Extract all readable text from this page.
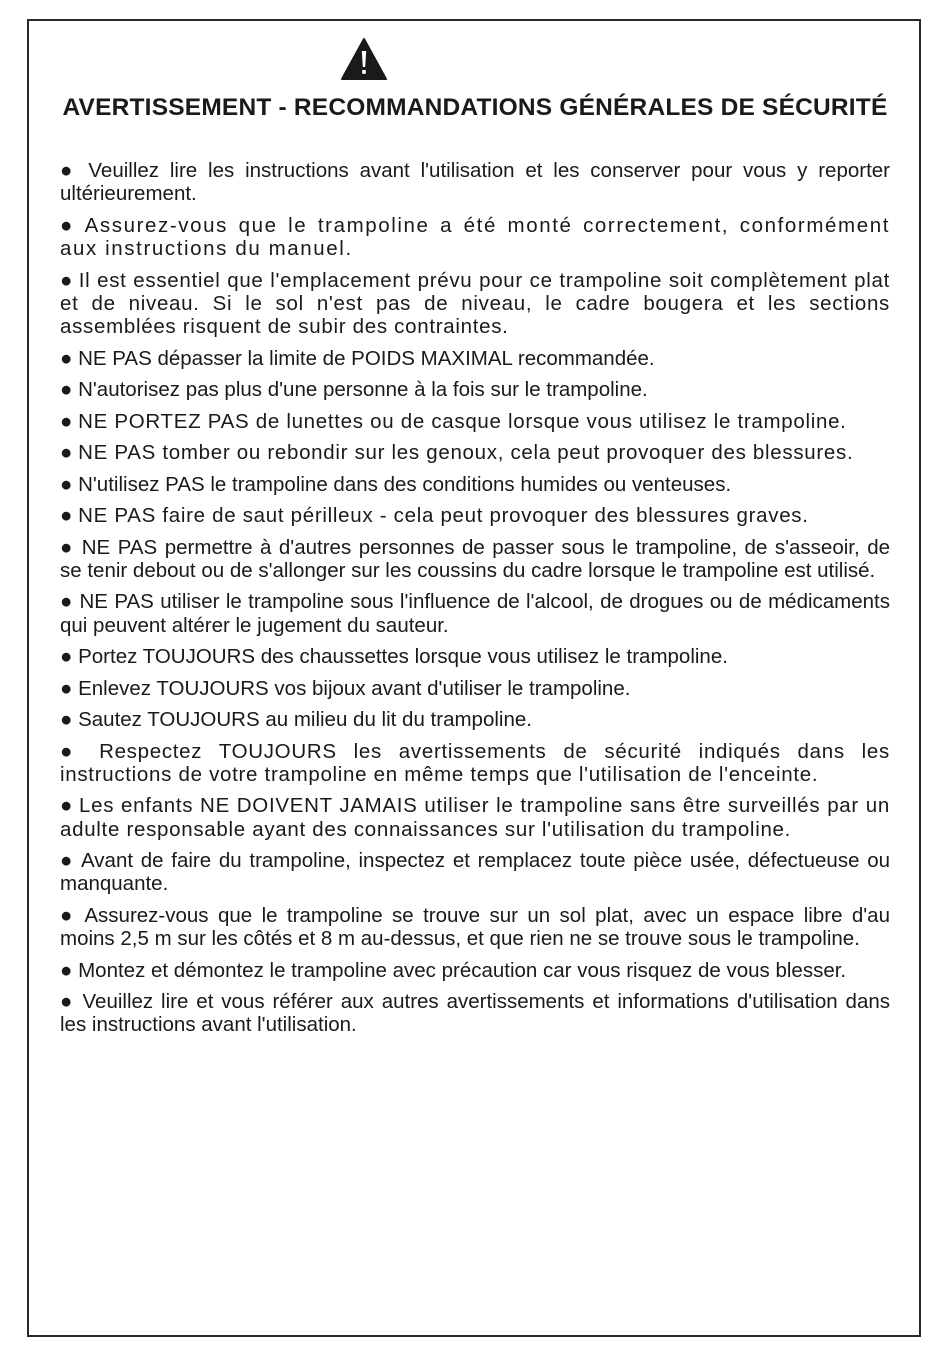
AVERTISSEMENT - RECOMMANDATIONS GÉNÉRALES DE SÉCURITÉ

● Veuillez lire les instructions avant l'utilisation et les conserver pour vous y reporter ultérieurement.

● Assurez-vous que le trampoline a été monté correctement, conformément aux instructions du manuel.

● Il est essentiel que l'emplacement prévu pour ce trampoline soit complètement plat et de niveau. Si le sol n'est pas de niveau, le cadre bougera et les sections assemblées risquent de subir des contraintes.

● NE PAS dépasser la limite de POIDS MAXIMAL recommandée.

● N'autorisez pas plus d'une personne à la fois sur le trampoline.

● NE PORTEZ PAS de lunettes ou de casque lorsque vous utilisez le trampoline.

● NE PAS tomber ou rebondir sur les genoux, cela peut provoquer des blessures.

● N'utilisez PAS le trampoline dans des conditions humides ou venteuses.

● NE PAS faire de saut périlleux - cela peut provoquer des blessures graves.

● NE PAS permettre à d'autres personnes de passer sous le trampoline, de s'asseoir, de se tenir debout ou de s'allonger sur les coussins du cadre lorsque le trampoline est utilisé.

● NE PAS utiliser le trampoline sous l'influence de l'alcool, de drogues ou de médicaments qui peuvent altérer le jugement du sauteur.

● Portez TOUJOURS des chaussettes lorsque vous utilisez le trampoline.

● Enlevez TOUJOURS vos bijoux avant d'utiliser le trampoline.

● Sautez TOUJOURS au milieu du lit du trampoline.

● Respectez TOUJOURS les avertissements de sécurité indiqués dans les instructions de votre trampoline en même temps que l'utilisation de l'enceinte.

● Les enfants NE DOIVENT JAMAIS utiliser le trampoline sans être surveillés par un adulte responsable ayant des connaissances sur l'utilisation du trampoline.

● Avant de faire du trampoline, inspectez et remplacez toute pièce usée, défectueuse ou manquante.

● Assurez-vous que le trampoline se trouve sur un sol plat, avec un espace libre d'au moins 2,5 m sur les côtés et 8 m au-dessus, et que rien ne se trouve sous le trampoline.

● Montez et démontez le trampoline avec précaution car vous risquez de vous blesser.

● Veuillez lire et vous référer aux autres avertissements et informations d'utilisation dans les instructions avant l'utilisation.
